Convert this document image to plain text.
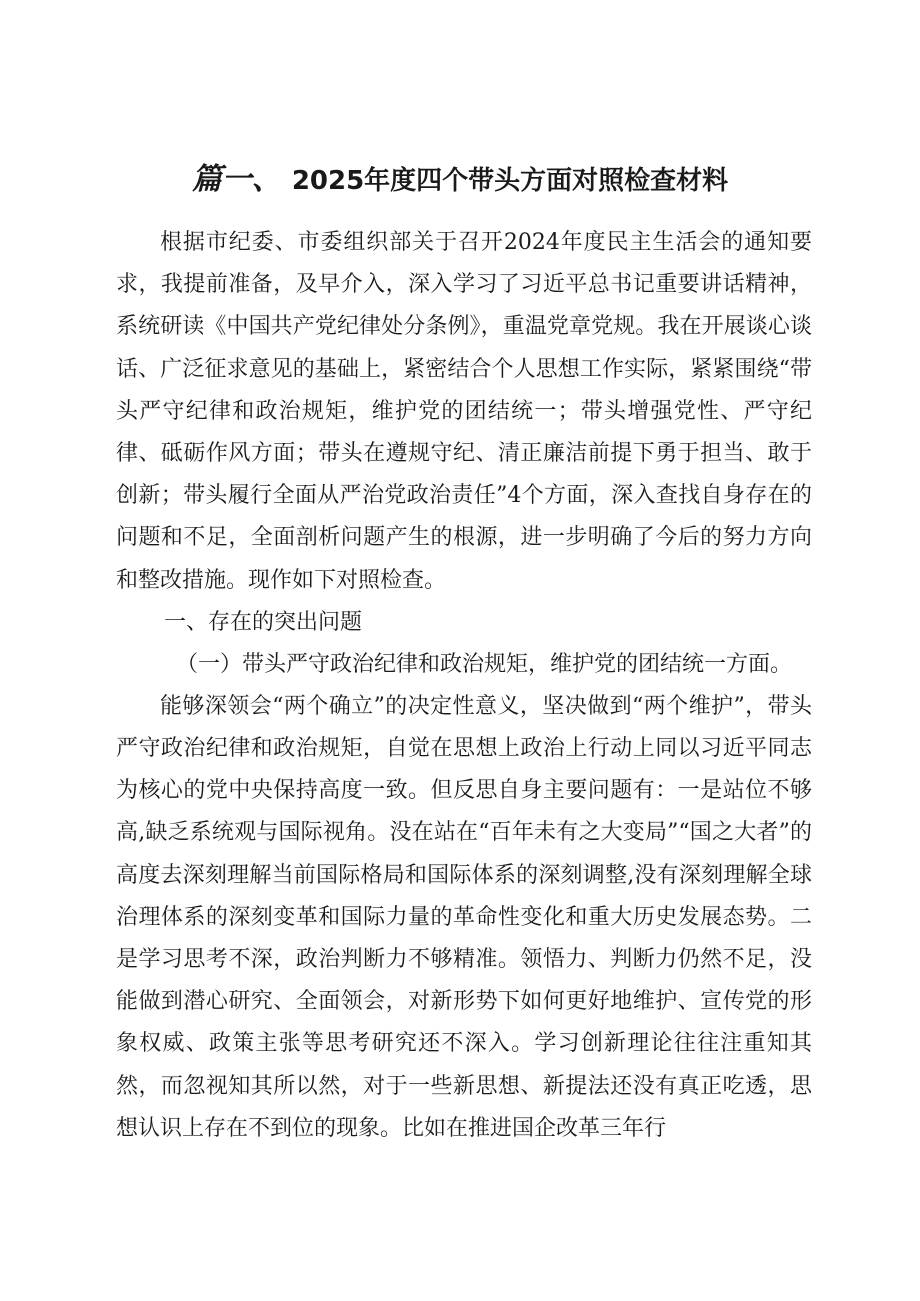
篇一、 2025年度四个带头方面对照检查材料

根据市纪委、市委组织部关于召开2024年度民主生活会的通知要求，我提前准备，及早介入，深入学习了习近平总书记重要讲话精神，系统研读《中国共产党纪律处分条例》，重温党章党规。我在开展谈心谈话、广泛征求意见的基础上，紧密结合个人思想工作实际，紧紧围绕“带头严守纪律和政治规矩，维护党的团结统一；带头增强党性、严守纪律、砥砺作风方面；带头在遵规守纪、清正廉洁前提下勇于担当、敢于创新；带头履行全面从严治党政治责任”4个方面，深入查找自身存在的问题和不足，全面剖析问题产生的根源，进一步明确了今后的努力方向和整改措施。现作如下对照检查。

一、存在的突出问题

（一）带头严守政治纪律和政治规矩，维护党的团结统一方面。

能够深领会“两个确立”的决定性意义，坚决做到“两个维护”，带头严守政治纪律和政治规矩，自觉在思想上政治上行动上同以习近平同志为核心的党中央保持高度一致。但反思自身主要问题有：一是站位不够高,缺乏系统观与国际视角。没在站在“百年未有之大变局”“国之大者”的高度去深刻理解当前国际格局和国际体系的深刻调整,没有深刻理解全球治理体系的深刻变革和国际力量的革命性变化和重大历史发展态势。二是学习思考不深，政治判断力不够精准。领悟力、判断力仍然不足，没能做到潜心研究、全面领会，对新形势下如何更好地维护、宣传党的形象权威、政策主张等思考研究还不深入。学习创新理论往往注重知其然，而忽视知其所以然，对于一些新思想、新提法还没有真正吃透，思想认识上存在不到位的现象。比如在推进国企改革三年行
